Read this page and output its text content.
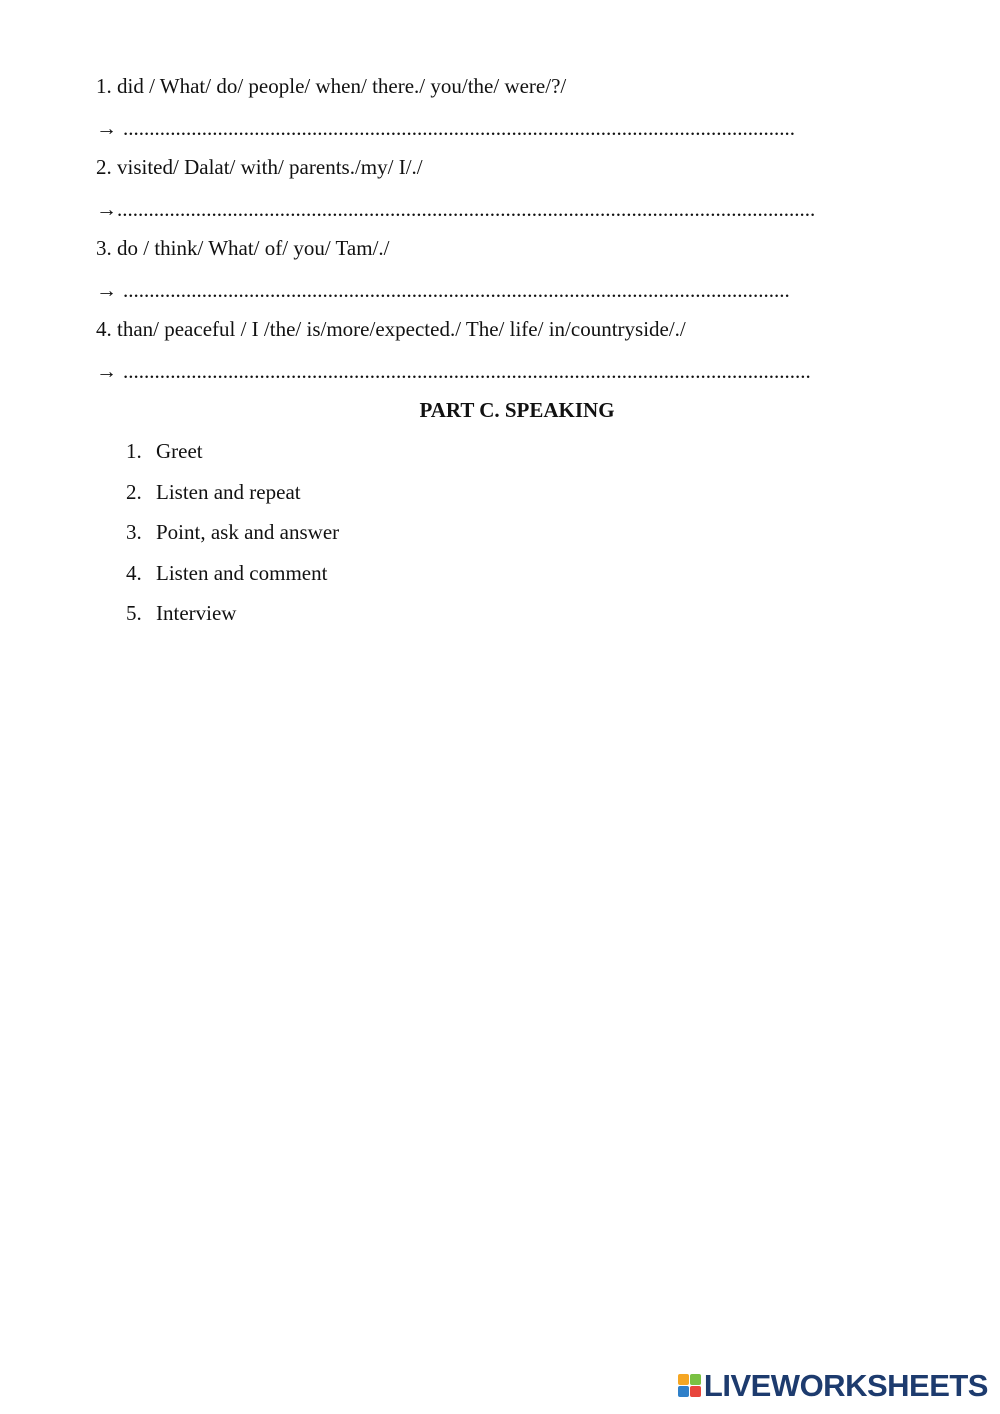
1. did / What/ do/ people/ when/ there./ you/the/ were/?/
→ ................................................................................................................................
2. visited/ Dalat/ with/ parents./my/ I/./
→.....................................................................................................................................
3. do / think/ What/ of/ you/ Tam/./
→ ...............................................................................................................................
4. than/ peaceful / I /the/ is/more/expected./ The/ life/ in/countryside/./
→ ...................................................................................................................................
PART C. SPEAKING
1. Greet
2. Listen and repeat
3. Point, ask and answer
4. Listen and comment
5. Interview
LIVEWORKSHEETS
